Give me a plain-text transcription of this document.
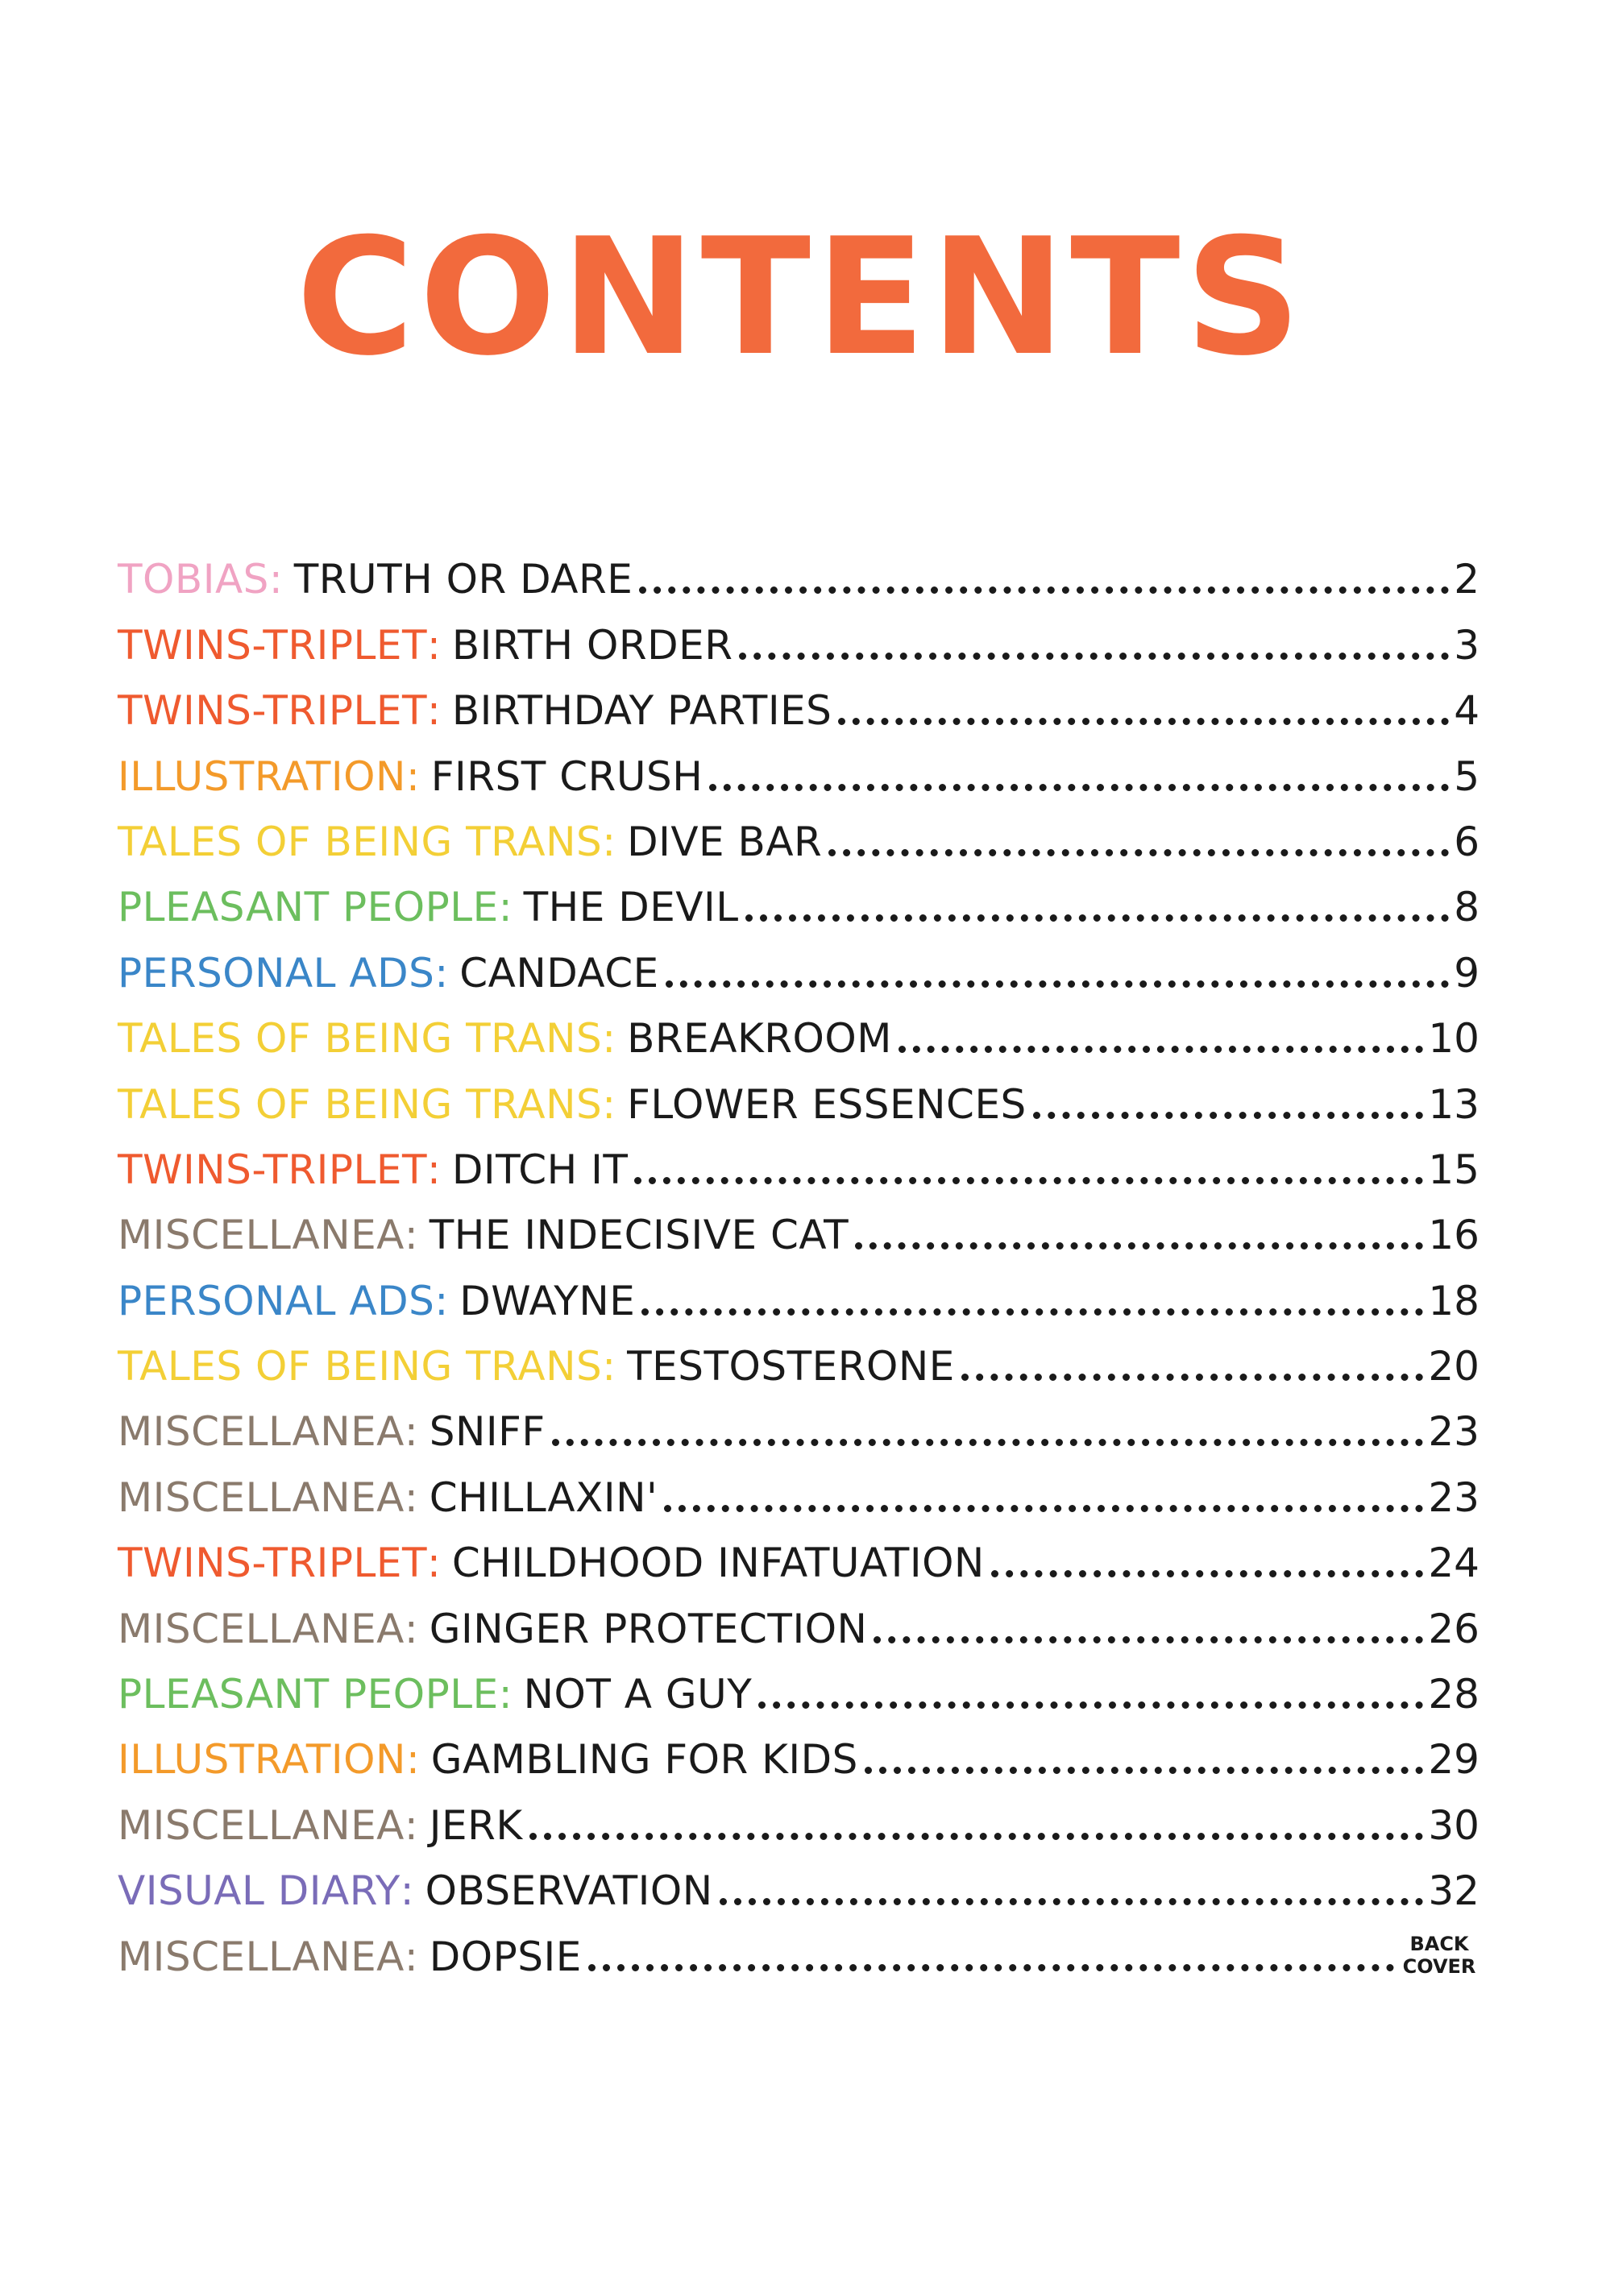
CONTENTS
TOBIAS : TRUTH OR DARE	2
TWINS-TRIPLET : BIRTH ORDER	3
TWINS-TRIPLET : BIRTHDAY PARTIES	4
ILLUSTRATION : FIRST CRUSH	5
TALES OF BEING TRANS : DIVE BAR	6
PLEASANT PEOPLE : THE DEVIL	8
PERSONAL ADS : CANDACE	9
TALES OF BEING TRANS : BREAKROOM	10
TALES OF BEING TRANS : FLOWER ESSENCES	13
TWINS-TRIPLET : DITCH IT	15
MISCELLANEA : THE INDECISIVE CAT	16
PERSONAL ADS : DWAYNE	18
TALES OF BEING TRANS : TESTOSTERONE	20
MISCELLANEA : SNIFF	23
MISCELLANEA : CHILLAXIN'	23
TWINS-TRIPLET : CHILDHOOD INFATUATION	24
MISCELLANEA : GINGER PROTECTION	26
PLEASANT PEOPLE : NOT A GUY	28
ILLUSTRATION : GAMBLING FOR KIDS	29
MISCELLANEA : JERK	30
VISUAL DIARY : OBSERVATION	32
MISCELLANEA : DOPSIE	BACK
COVER
